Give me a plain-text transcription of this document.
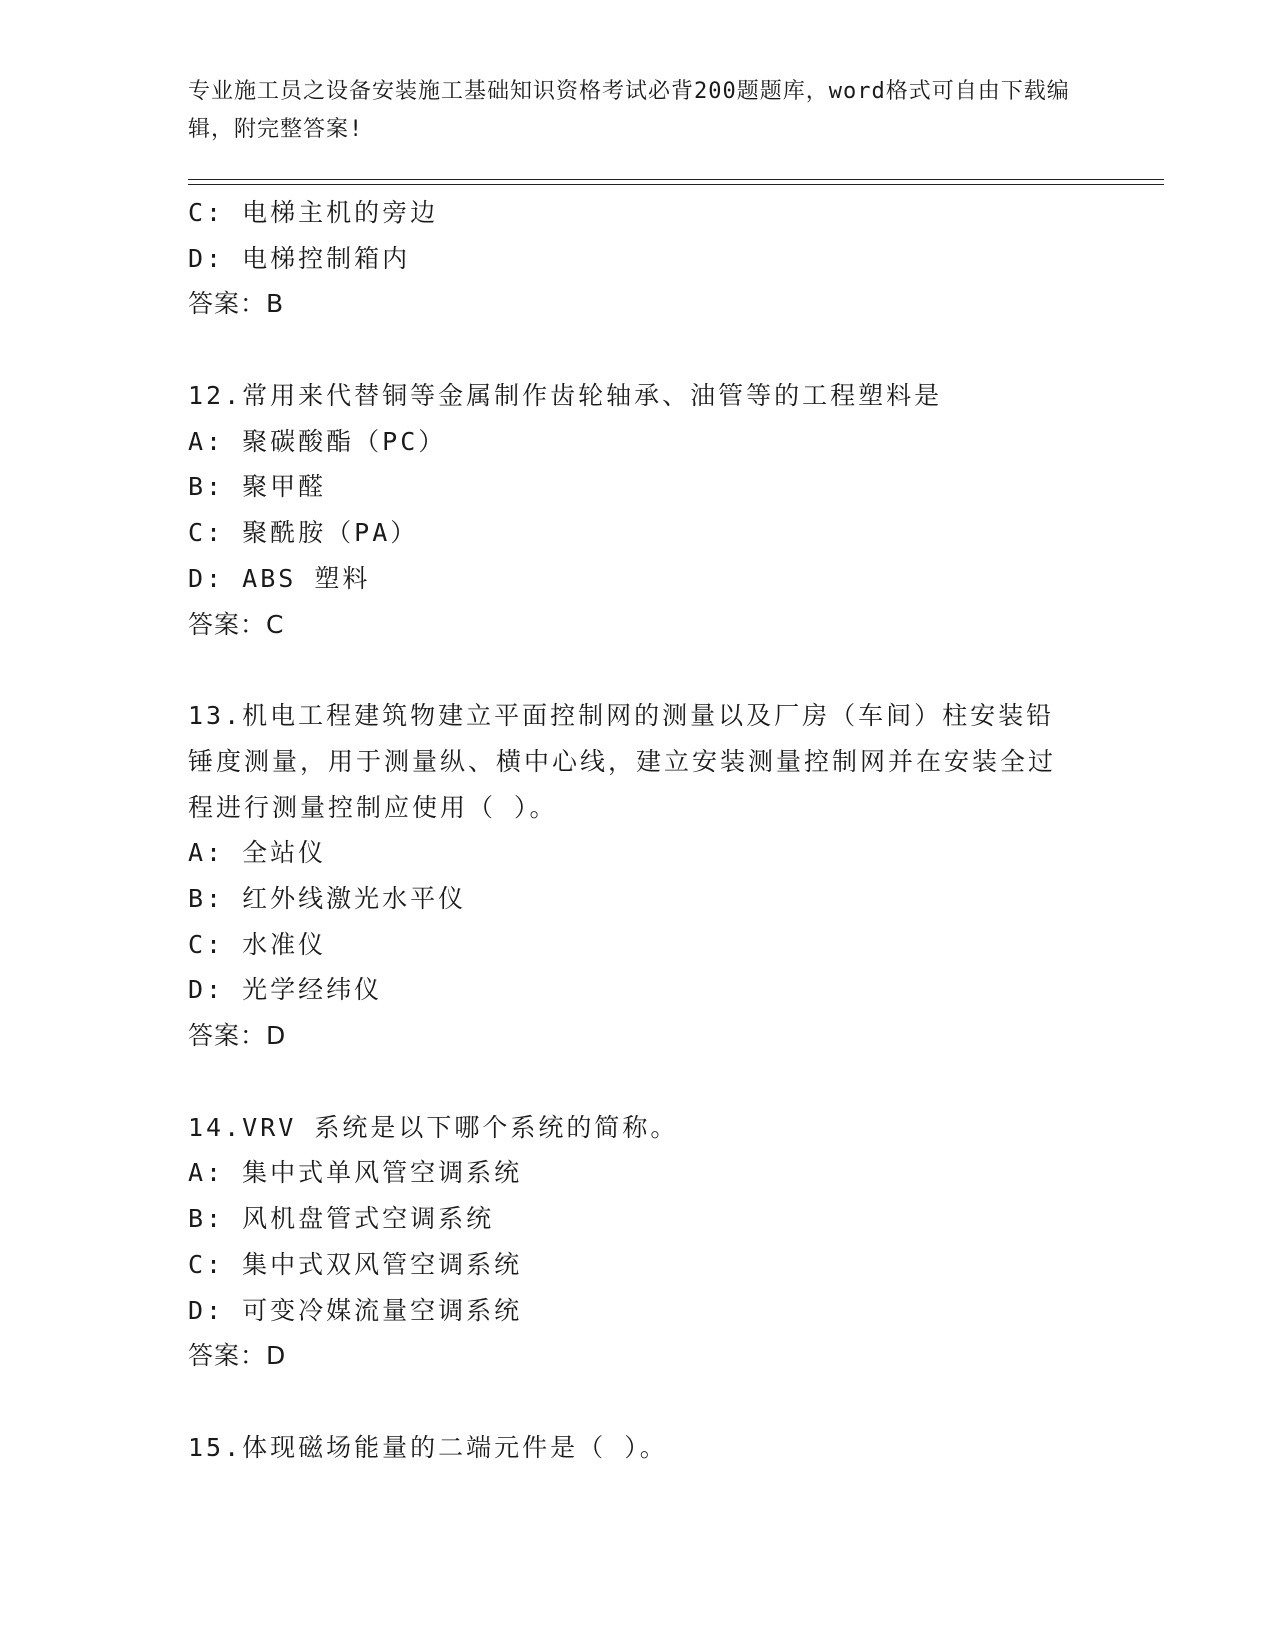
专业施工员之设备安装施工基础知识资格考试必背200题题库，word格式可自由下载编辑，附完整答案!
C: 电梯主机的旁边
D: 电梯控制箱内
答案：B
12.常用来代替铜等金属制作齿轮轴承、油管等的工程塑料是
A: 聚碳酸酯（PC）
B: 聚甲醛
C: 聚酰胺（PA）
D: ABS 塑料
答案：C
13.机电工程建筑物建立平面控制网的测量以及厂房（车间）柱安装铅锤度测量，用于测量纵、横中心线，建立安装测量控制网并在安装全过程进行测量控制应使用（ ）。
A: 全站仪
B: 红外线激光水平仪
C: 水准仪
D: 光学经纬仪
答案：D
14.VRV 系统是以下哪个系统的简称。
A: 集中式单风管空调系统
B: 风机盘管式空调系统
C: 集中式双风管空调系统
D: 可变冷媒流量空调系统
答案：D
15.体现磁场能量的二端元件是（ ）。
